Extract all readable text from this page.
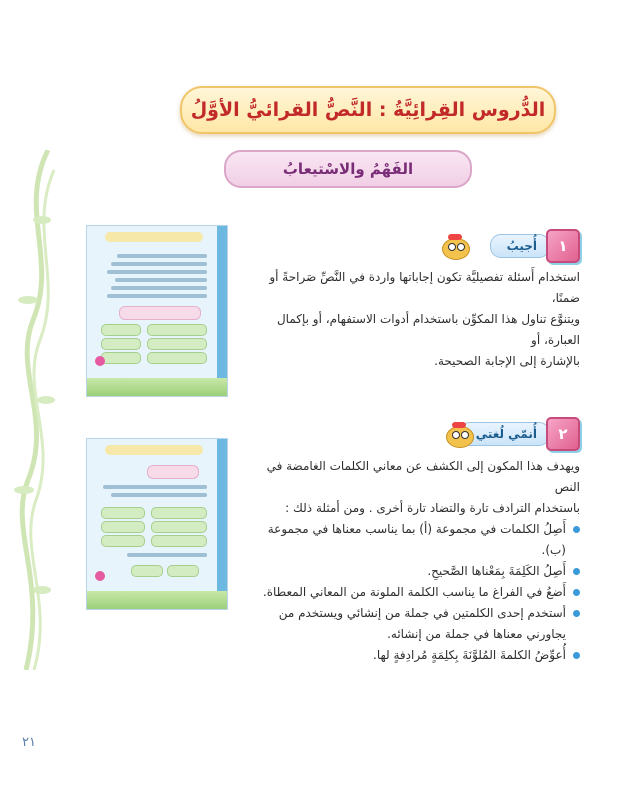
الدُّروس القِرائِيَّةُ : النَّصُّ القرائيُّ الأوَّلُ
الفَهْمُ والاسْتيعابُ
أُجيبُ	١
استخدام أَسئلة تفصيليَّة تكون إجاباتها واردة في النَّصِّ صَراحةً أو ضمنًا،
ويتنوَّع تناول هذا المكوِّن باستخدام أدوات الاستفهام، أو بإكمال العبارة، أو
بالإشارة إلى الإجابة الصحيحة.
أُنمّي لُغتي	٢
ويهدف هذا المكون إلى الكشف عن معاني الكلمات الغامضة في النص
باستخدام الترادف تارة والتضاد تارة أخرى . ومن أمثلة ذلك :
أَصِلُ الكلمات في مجموعة (أ) بما يناسب معناها في مجموعة (ب).
أَصِلُ الكَلِمَةَ بِمَعْناها الصَّحيحِ.
أَضعُ في الفراغ ما يناسب الكلمة الملونة من المعاني المعطاة.
أستخدم إحدى الكلمتين في جملة من إنشائي ويستخدم من يجاورني معناها في جملة من إنشائه.
أُعوِّضُ الكلمةَ المُلوَّنَةَ بِكلِمَةٍ مُرادِفةٍ لها.
٢١
